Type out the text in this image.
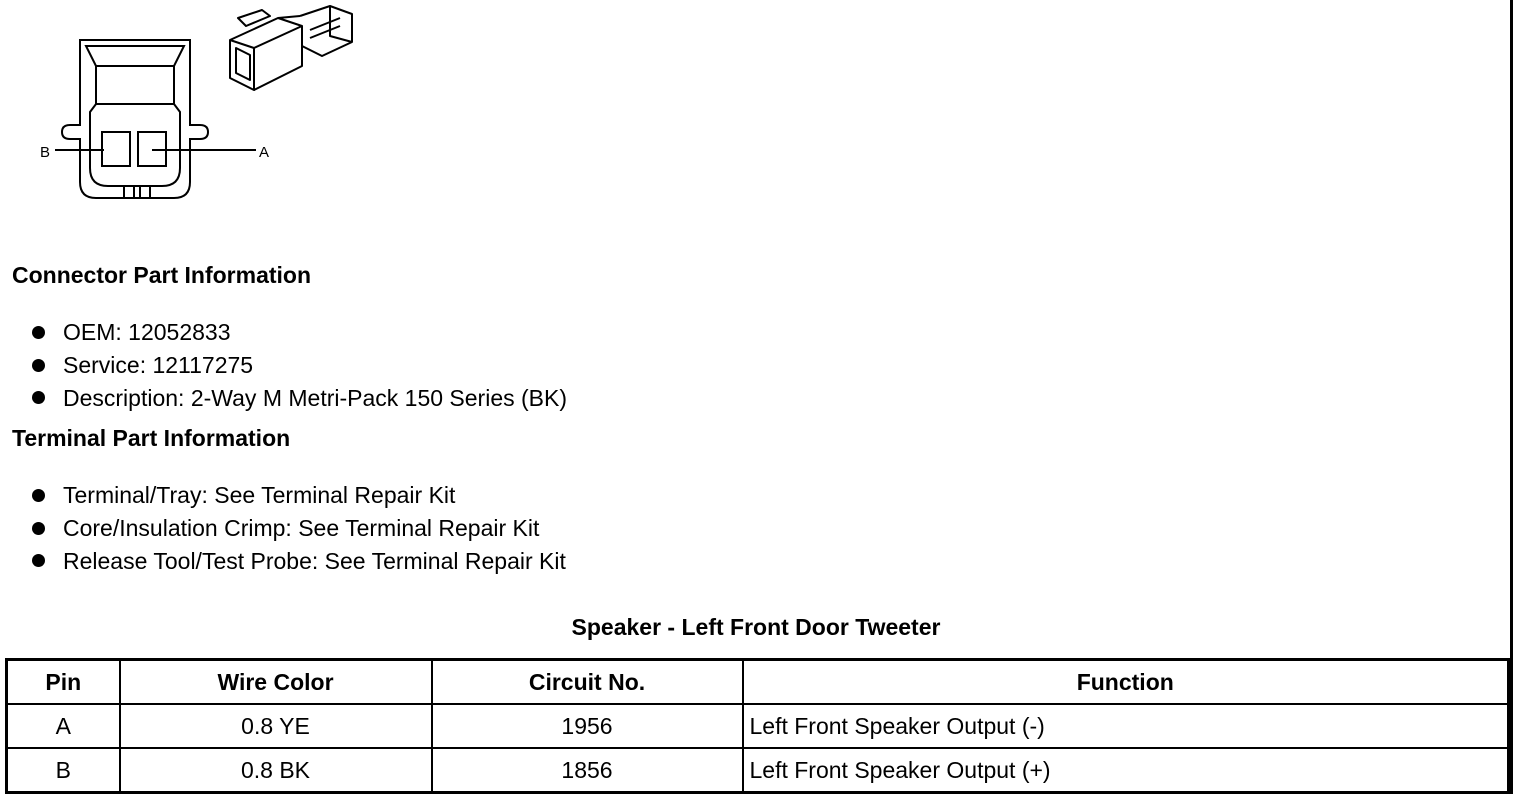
B	A
Connector Part Information
OEM: 12052833
Service: 12117275
Description: 2-Way M Metri-Pack 150 Series (BK)
Terminal Part Information
Terminal/Tray: See Terminal Repair Kit
Core/Insulation Crimp: See Terminal Repair Kit
Release Tool/Test Probe: See Terminal Repair Kit
Speaker - Left Front Door Tweeter
Pin	Wire Color	Circuit No.	Function
A	0.8 YE	1956	Left Front Speaker Output (-)
B	0.8 BK	1856	Left Front Speaker Output (+)
